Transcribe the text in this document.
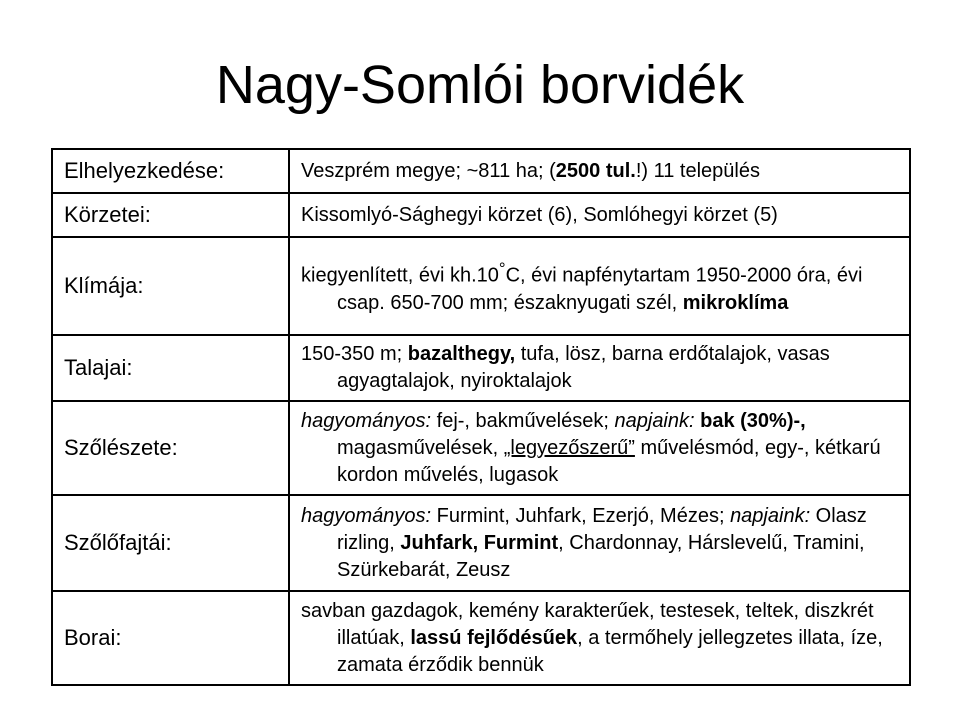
Nagy-Somlói borvidék
Elhelyezkedése:	Veszprém megye; ~811 ha; (2500 tul.!) 11 település

Körzetei:	Kissomlyó-Sághegyi körzet (6), Somlóhegyi körzet (5)

Klímája:	kiegyenlített, évi kh.10°C, évi napfénytartam 1950-2000 óra, évi csap. 650-700 mm; északnyugati szél, mikroklíma

Talajai:	150-350 m; bazalthegy, tufa, lösz, barna erdőtalajok, vasas agyagtalajok, nyiroktalajok

Szőlészete:	hagyományos: fej-, bakművelések; napjaink: bak (30%)-, magasművelések, „legyezőszerű” művelésmód, egy-, kétkarú kordon művelés, lugasok

Szőlőfajtái:	hagyományos: Furmint, Juhfark, Ezerjó, Mézes; napjaink: Olasz rizling, Juhfark, Furmint, Chardonnay, Hárslevelű, Tramini, Szürkebarát, Zeusz

Borai:	savban gazdagok, kemény karakterűek, testesek, teltek, diszkrét illatúak, lassú fejlődésűek, a termőhely jellegzetes illata, íze, zamata érződik bennük
